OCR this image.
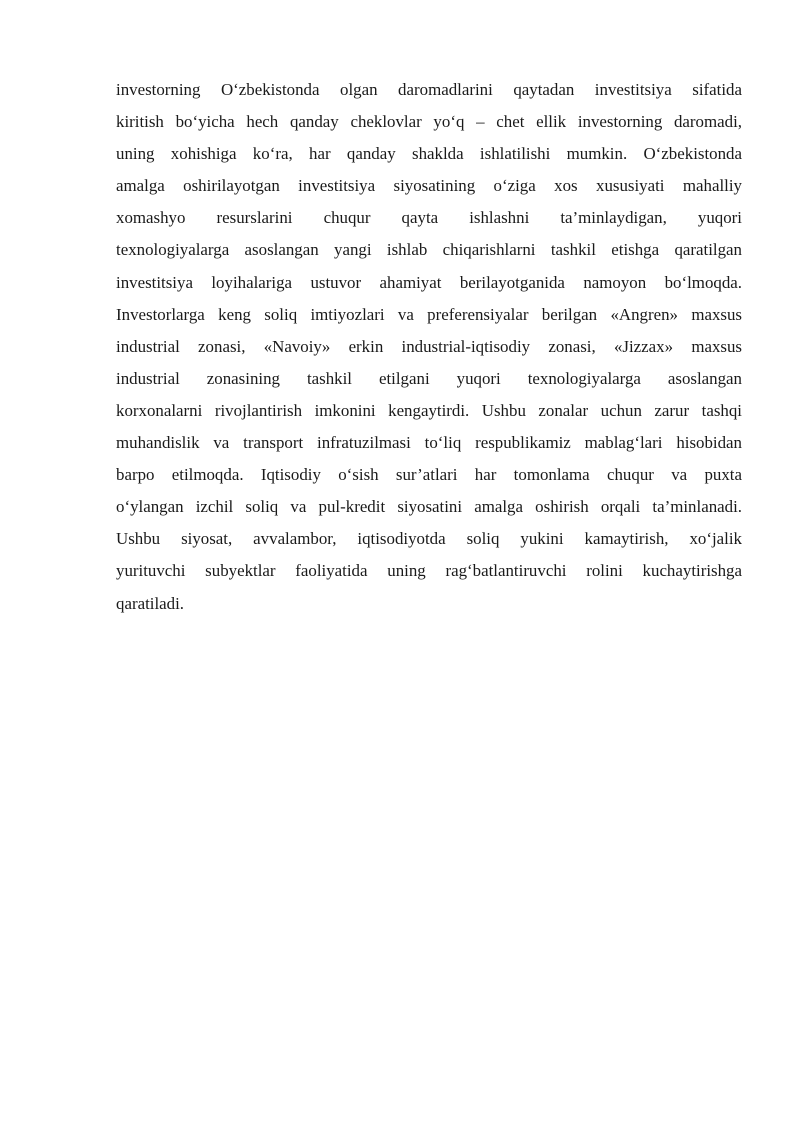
investorning O‘zbekistonda olgan daromadlarini qaytadan investitsiya sifatida
kiritish bo‘yicha hech qanday cheklovlar yo‘q – chet ellik investorning daromadi,
uning xohishiga ko‘ra, har qanday shaklda ishlatilishi mumkin. O‘zbekistonda
amalga oshirilayotgan investitsiya siyosatining o‘ziga xos xususiyati mahalliy
xomashyo resurslarini chuqur qayta ishlashni ta’minlaydigan, yuqori
texnologiyalarga asoslangan yangi ishlab chiqarishlarni tashkil etishga qaratilgan
investitsiya loyihalariga ustuvor ahamiyat berilayotganida namoyon bo‘lmoqda.
Investorlarga keng soliq imtiyozlari va preferensiyalar berilgan «Angren» maxsus
industrial zonasi, «Navoiy» erkin industrial-iqtisodiy zonasi, «Jizzax» maxsus
industrial zonasining tashkil etilgani yuqori texnologiyalarga asoslangan
korxonalarni rivojlantirish imkonini kengaytirdi. Ushbu zonalar uchun zarur tashqi
muhandislik va transport infratuzilmasi to‘liq respublikamiz mablag‘lari hisobidan
barpo etilmoqda. Iqtisodiy o‘sish sur’atlari har tomonlama chuqur va puxta
o‘ylangan izchil soliq va pul-kredit siyosatini amalga oshirish orqali ta’minlanadi.
Ushbu siyosat, avvalambor, iqtisodiyotda soliq yukini kamaytirish, xo‘jalik
yurituvchi subyektlar faoliyatida uning rag‘batlantiruvchi rolini kuchaytirishga
qaratiladi.
